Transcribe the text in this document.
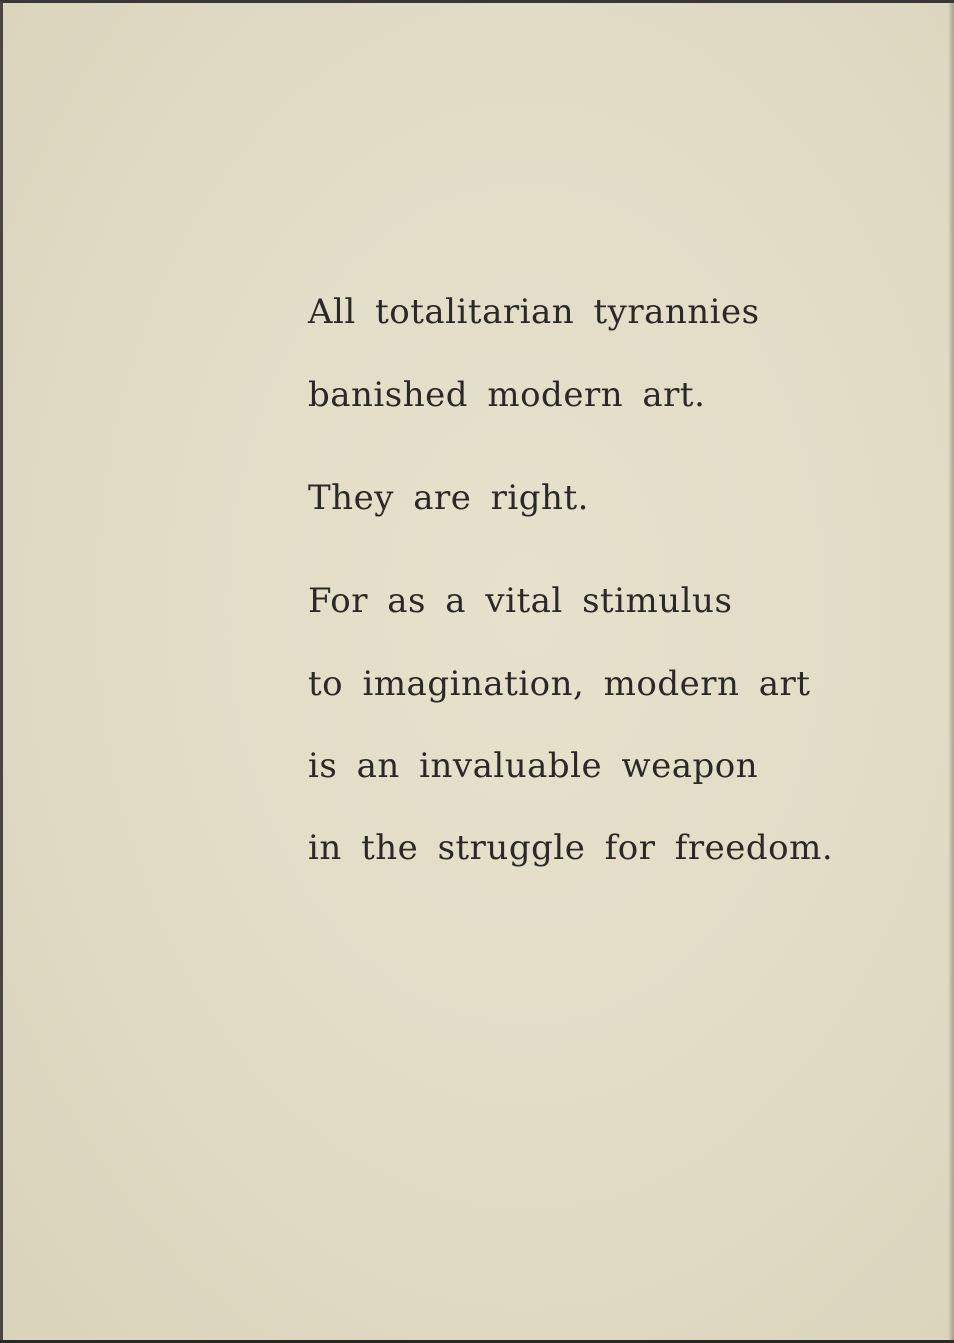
All totalitarian tyrannies
banished modern art.
They are right.
For as a vital stimulus
to imagination, modern art
is an invaluable weapon
in the struggle for freedom.
